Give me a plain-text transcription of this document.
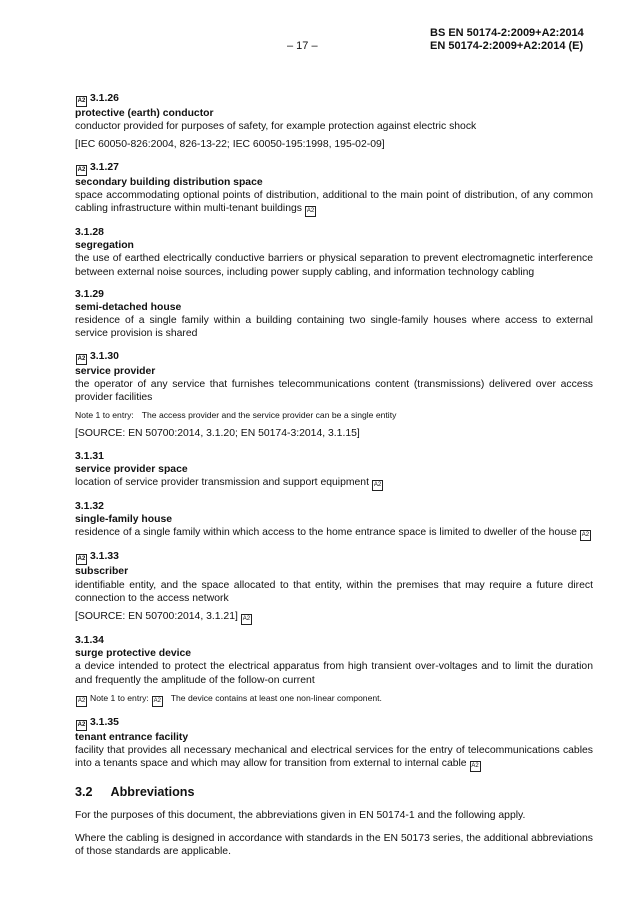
BS EN 50174-2:2009+A2:2014
– 17 –	EN 50174-2:2009+A2:2014 (E)
A2 3.1.26
protective (earth) conductor
conductor provided for purposes of safety, for example protection against electric shock
[IEC 60050-826:2004, 826-13-22; IEC 60050-195:1998, 195-02-09]
A2 3.1.27
secondary building distribution space
space accommodating optional points of distribution, additional to the main point of distribution, of any common cabling infrastructure within multi-tenant buildings A2
3.1.28
segregation
the use of earthed electrically conductive barriers or physical separation to prevent electromagnetic interference between external noise sources, including power supply cabling, and information technology cabling
3.1.29
semi-detached house
residence of a single family within a building containing two single-family houses where access to external service provision is shared
A2 3.1.30
service provider
the operator of any service that furnishes telecommunications content (transmissions) delivered over access provider facilities
Note 1 to entry: The access provider and the service provider can be a single entity
[SOURCE: EN 50700:2014, 3.1.20; EN 50174-3:2014, 3.1.15]
3.1.31
service provider space
location of service provider transmission and support equipment A2
3.1.32
single-family house
residence of a single family within which access to the home entrance space is limited to dweller of the house A2
A2 3.1.33
subscriber
identifiable entity, and the space allocated to that entity, within the premises that may require a future direct connection to the access network
[SOURCE: EN 50700:2014, 3.1.21] A2
3.1.34
surge protective device
a device intended to protect the electrical apparatus from high transient over-voltages and to limit the duration and frequently the amplitude of the follow-on current
A2 Note 1 to entry: A2 The device contains at least one non-linear component.
A2 3.1.35
tenant entrance facility
facility that provides all necessary mechanical and electrical services for the entry of telecommunications cables into a tenants space and which may allow for transition from external to internal cable A2
3.2 Abbreviations
For the purposes of this document, the abbreviations given in EN 50174-1 and the following apply.
Where the cabling is designed in accordance with standards in the EN 50173 series, the additional abbreviations of those standards are applicable.
